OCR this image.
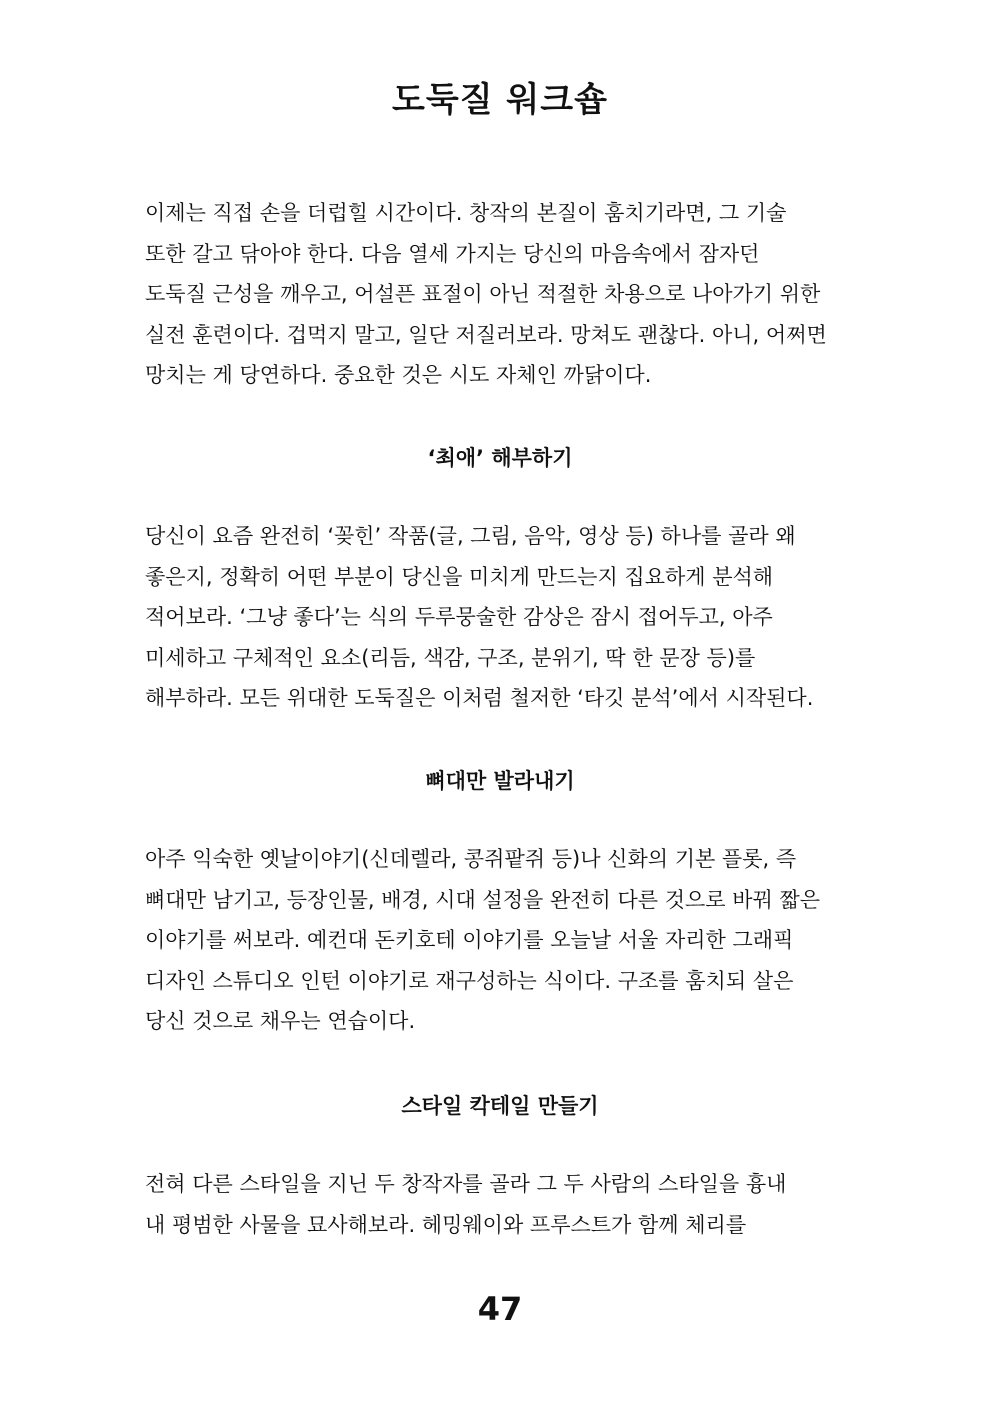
도둑질 워크숍
이제는 직접 손을 더럽힐 시간이다. 창작의 본질이 훔치기라면, 그 기술
또한 갈고 닦아야 한다. 다음 열세 가지는 당신의 마음속에서 잠자던
도둑질 근성을 깨우고, 어설픈 표절이 아닌 적절한 차용으로 나아가기 위한
실전 훈련이다. 겁먹지 말고, 일단 저질러보라. 망쳐도 괜찮다. 아니, 어쩌면
망치는 게 당연하다. 중요한 것은 시도 자체인 까닭이다.
‘최애’ 해부하기
당신이 요즘 완전히 ‘꽂힌’ 작품(글, 그림, 음악, 영상 등) 하나를 골라 왜
좋은지, 정확히 어떤 부분이 당신을 미치게 만드는지 집요하게 분석해
적어보라. ‘그냥 좋다’는 식의 두루뭉술한 감상은 잠시 접어두고, 아주
미세하고 구체적인 요소(리듬, 색감, 구조, 분위기, 딱 한 문장 등)를
해부하라. 모든 위대한 도둑질은 이처럼 철저한 ‘타깃 분석’에서 시작된다.
뼈대만 발라내기
아주 익숙한 옛날이야기(신데렐라, 콩쥐팥쥐 등)나 신화의 기본 플롯, 즉
뼈대만 남기고, 등장인물, 배경, 시대 설정을 완전히 다른 것으로 바꿔 짧은
이야기를 써보라. 예컨대 돈키호테 이야기를 오늘날 서울 자리한 그래픽
디자인 스튜디오 인턴 이야기로 재구성하는 식이다. 구조를 훔치되 살은
당신 것으로 채우는 연습이다.
스타일 칵테일 만들기
전혀 다른 스타일을 지닌 두 창작자를 골라 그 두 사람의 스타일을 흉내
내 평범한 사물을 묘사해보라. 헤밍웨이와 프루스트가 함께 체리를
47
